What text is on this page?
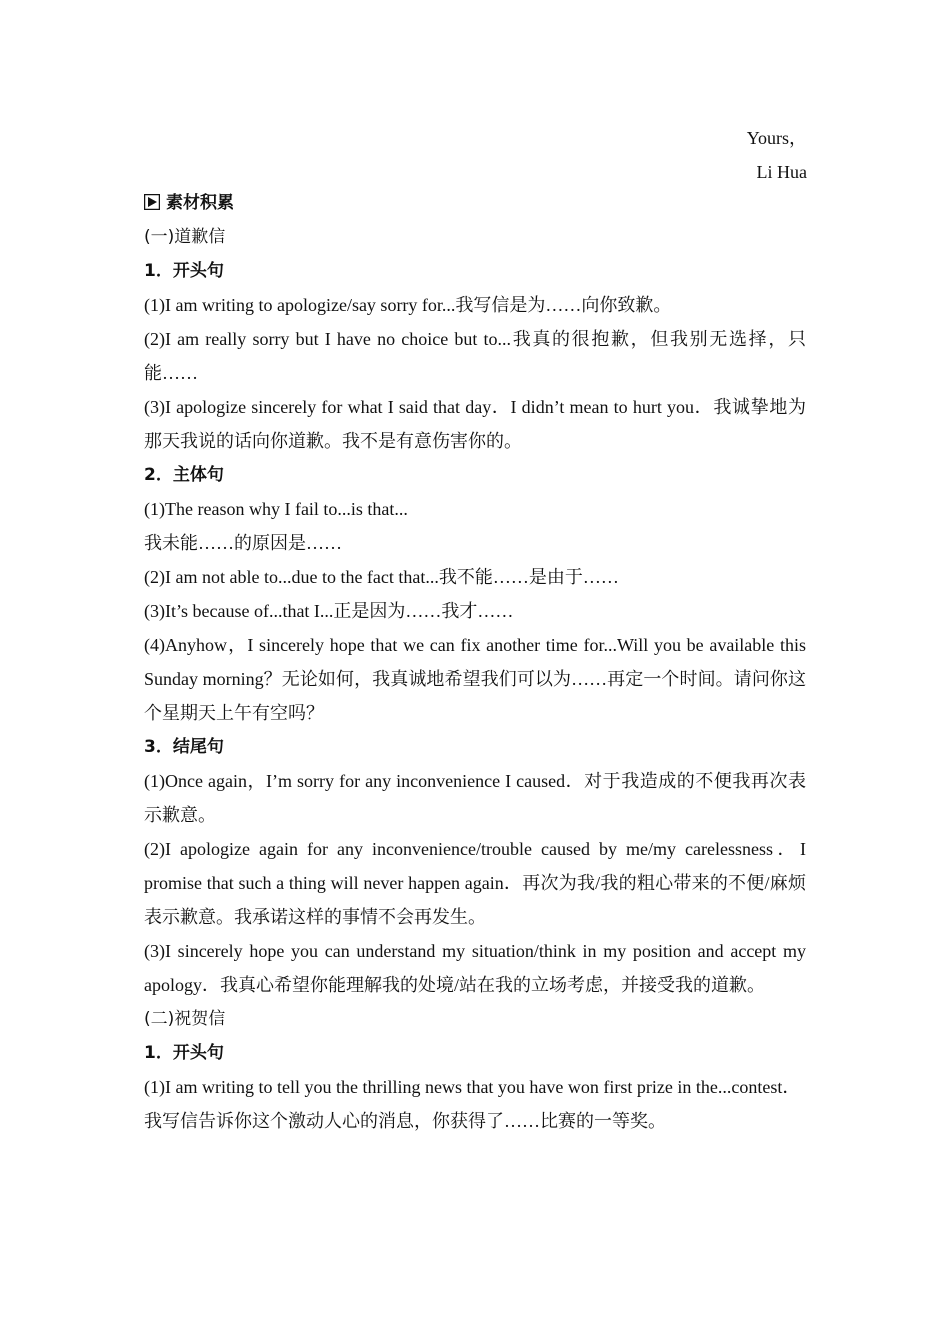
Yours，
Li Hua
素材积累
(一)道歉信
1．开头句
(1)I am writing to apologize/say sorry for...我写信是为……向你致歉。
(2)I am really sorry but I have no choice but to...我真的很抱歉，但我别无选择，只能……
(3)I apologize sincerely for what I said that day．I didn’t mean to hurt you．我诚挚地为那天我说的话向你道歉。我不是有意伤害你的。
2．主体句
(1)The reason why I fail to...is that...
我未能……的原因是……
(2)I am not able to...due to the fact that...我不能……是由于……
(3)It’s because of...that I...正是因为……我才……
(4)Anyhow，I sincerely hope that we can fix another time for...Will you be available this Sunday morning？无论如何，我真诚地希望我们可以为……再定一个时间。请问你这个星期天上午有空吗？
3．结尾句
(1)Once again，I’m sorry for any inconvenience I caused．对于我造成的不便我再次表示歉意。
(2)I apologize again for any inconvenience/trouble caused by me/my carelessness．I promise that such a thing will never happen again．再次为我/我的粗心带来的不便/麻烦表示歉意。我承诺这样的事情不会再发生。
(3)I sincerely hope you can understand my situation/think in my position and accept my apology．我真心希望你能理解我的处境/站在我的立场考虑，并接受我的道歉。
(二)祝贺信
1．开头句
(1)I am writing to tell you the thrilling news that you have won first prize in the...contest．
我写信告诉你这个激动人心的消息，你获得了……比赛的一等奖。
